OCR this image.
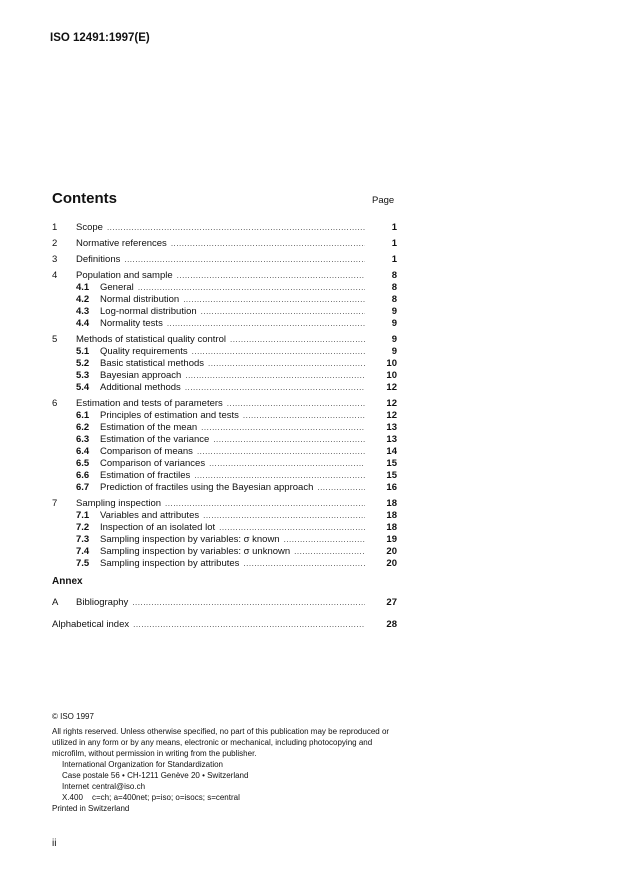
ISO 12491:1997(E)
Contents	Page
1	Scope .....	1
2	Normative references .....	1
3	Definitions .....	1
4	Population and sample .....	8
4.1	General .....	8
4.2	Normal distribution .....	8
4.3	Log-normal distribution .....	9
4.4	Normality tests .....	9
5	Methods of statistical quality control .....	9
5.1	Quality requirements .....	9
5.2	Basic statistical methods .....	10
5.3	Bayesian approach .....	10
5.4	Additional methods .....	12
6	Estimation and tests of parameters .....	12
6.1	Principles of estimation and tests .....	12
6.2	Estimation of the mean .....	13
6.3	Estimation of the variance .....	13
6.4	Comparison of means .....	14
6.5	Comparison of variances .....	15
6.6	Estimation of fractiles .....	15
6.7	Prediction of fractiles using the Bayesian approach .....	16
7	Sampling inspection .....	18
7.1	Variables and attributes .....	18
7.2	Inspection of an isolated lot .....	18
7.3	Sampling inspection by variables: σ known .....	19
7.4	Sampling inspection by variables: σ unknown .....	20
7.5	Sampling inspection by attributes .....	20
Annex
A	Bibliography .....	27
Alphabetical index .....	28
© ISO 1997
All rights reserved. Unless otherwise specified, no part of this publication may be reproduced or utilized in any form or by any means, electronic or mechanical, including photocopying and microfilm, without permission in writing from the publisher.
International Organization for Standardization
Case postale 56 • CH-1211 Genève 20 • Switzerland
Internet central@iso.ch
X.400	c=ch; a=400net; p=iso; o=isocs; s=central
Printed in Switzerland
ii
